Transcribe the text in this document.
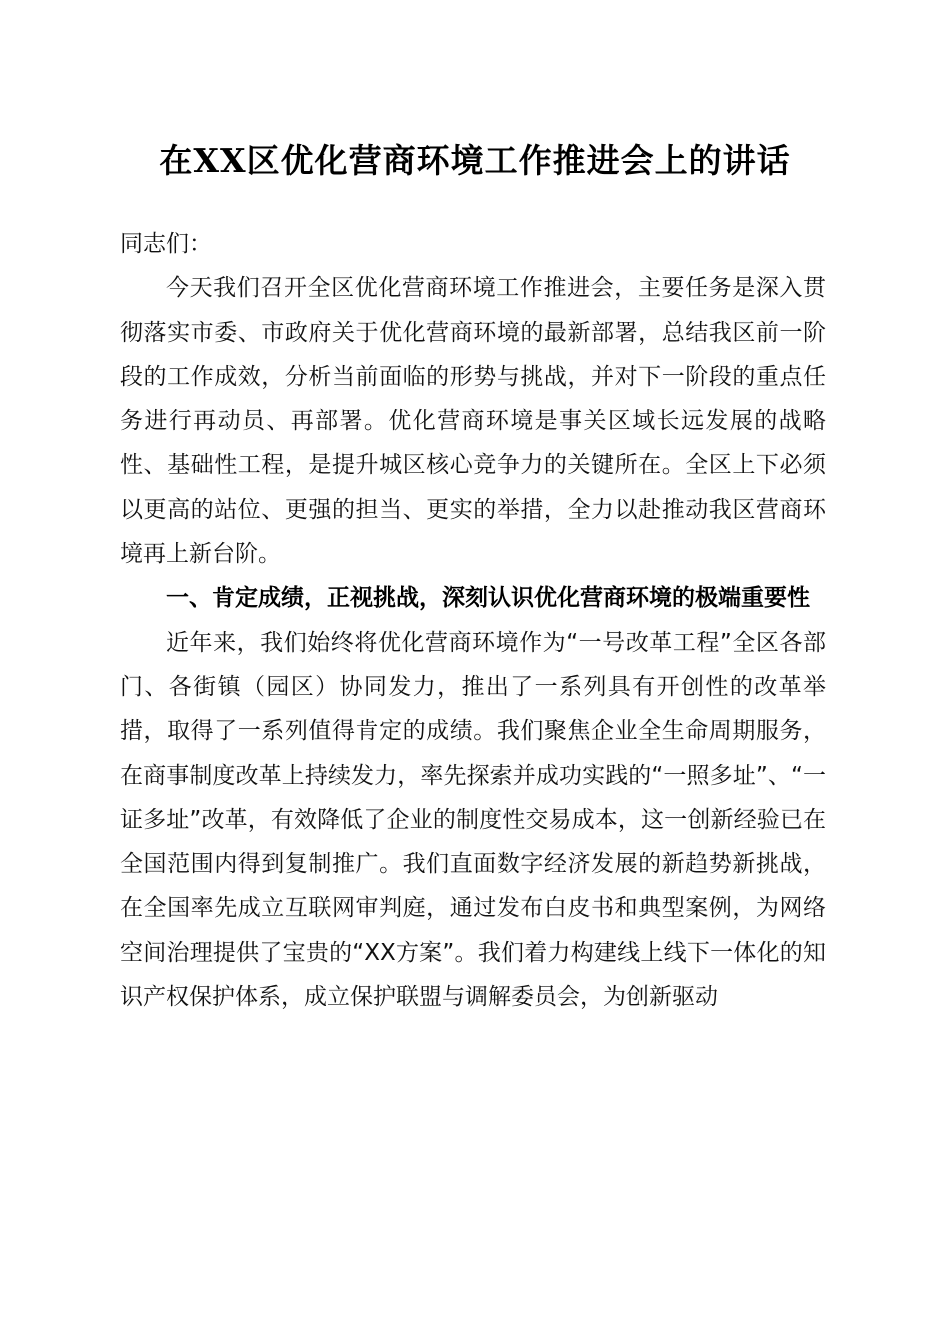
在XX区优化营商环境工作推进会上的讲话

同志们：

今天我们召开全区优化营商环境工作推进会，主要任务是深入贯彻落实市委、市政府关于优化营商环境的最新部署，总结我区前一阶段的工作成效，分析当前面临的形势与挑战，并对下一阶段的重点任务进行再动员、再部署。优化营商环境是事关区域长远发展的战略性、基础性工程，是提升城区核心竞争力的关键所在。全区上下必须以更高的站位、更强的担当、更实的举措，全力以赴推动我区营商环境再上新台阶。

一、肯定成绩，正视挑战，深刻认识优化营商环境的极端重要性

近年来，我们始终将优化营商环境作为“一号改革工程”全区各部门、各街镇（园区）协同发力，推出了一系列具有开创性的改革举措，取得了一系列值得肯定的成绩。我们聚焦企业全生命周期服务，在商事制度改革上持续发力，率先探索并成功实践的“一照多址”、“一证多址”改革，有效降低了企业的制度性交易成本，这一创新经验已在全国范围内得到复制推广。我们直面数字经济发展的新趋势新挑战，在全国率先成立互联网审判庭，通过发布白皮书和典型案例，为网络空间治理提供了宝贵的“XX方案”。我们着力构建线上线下一体化的知识产权保护体系，成立保护联盟与调解委员会，为创新驱动
